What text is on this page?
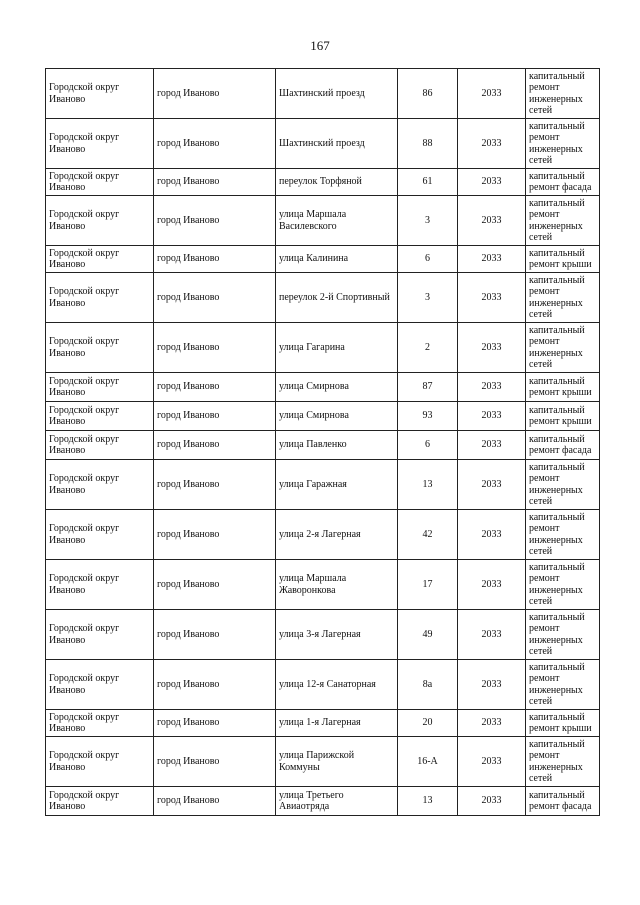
167
Городской округ Иваново	город Иваново	Шахтинский проезд	86	2033	капитальный ремонт инженерных сетей
Городской округ Иваново	город Иваново	Шахтинский проезд	88	2033	капитальный ремонт инженерных сетей
Городской округ Иваново	город Иваново	переулок Торфяной	61	2033	капитальный ремонт фасада
Городской округ Иваново	город Иваново	улица Маршала Василевского	3	2033	капитальный ремонт инженерных сетей
Городской округ Иваново	город Иваново	улица Калинина	6	2033	капитальный ремонт крыши
Городской округ Иваново	город Иваново	переулок 2-й Спортивный	3	2033	капитальный ремонт инженерных сетей
Городской округ Иваново	город Иваново	улица Гагарина	2	2033	капитальный ремонт инженерных сетей
Городской округ Иваново	город Иваново	улица Смирнова	87	2033	капитальный ремонт крыши
Городской округ Иваново	город Иваново	улица Смирнова	93	2033	капитальный ремонт крыши
Городской округ Иваново	город Иваново	улица Павленко	6	2033	капитальный ремонт фасада
Городской округ Иваново	город Иваново	улица Гаражная	13	2033	капитальный ремонт инженерных сетей
Городской округ Иваново	город Иваново	улица 2-я Лагерная	42	2033	капитальный ремонт инженерных сетей
Городской округ Иваново	город Иваново	улица Маршала Жаворонкова	17	2033	капитальный ремонт инженерных сетей
Городской округ Иваново	город Иваново	улица 3-я Лагерная	49	2033	капитальный ремонт инженерных сетей
Городской округ Иваново	город Иваново	улица 12-я Санаторная	8а	2033	капитальный ремонт инженерных сетей
Городской округ Иваново	город Иваново	улица 1-я Лагерная	20	2033	капитальный ремонт крыши
Городской округ Иваново	город Иваново	улица Парижской Коммуны	16-А	2033	капитальный ремонт инженерных сетей
Городской округ Иваново	город Иваново	улица Третьего Авиаотряда	13	2033	капитальный ремонт фасада
